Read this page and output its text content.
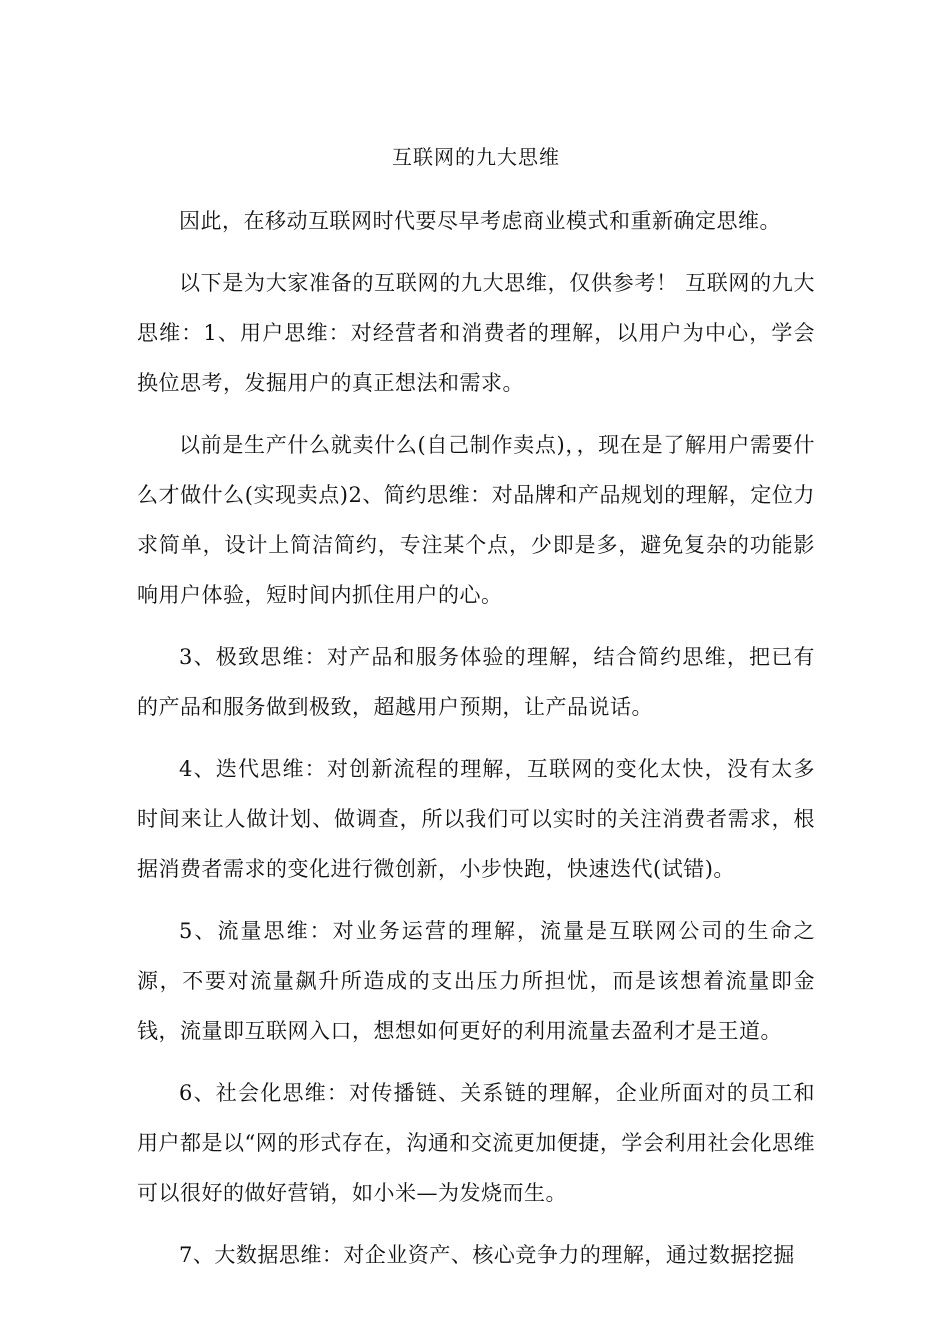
互联网的九大思维

因此，在移动互联网时代要尽早考虑商业模式和重新确定思维。

以下是为大家准备的互联网的九大思维，仅供参考！ 互联网的九大思维：1、用户思维：对经营者和消费者的理解，以用户为中心，学会换位思考，发掘用户的真正想法和需求。

以前是生产什么就卖什么(自己制作卖点)，，现在是了解用户需要什么才做什么(实现卖点)2、简约思维：对品牌和产品规划的理解，定位力求简单，设计上简洁简约，专注某个点，少即是多，避免复杂的功能影响用户体验，短时间内抓住用户的心。

3、极致思维：对产品和服务体验的理解，结合简约思维，把已有的产品和服务做到极致，超越用户预期，让产品说话。

4、迭代思维：对创新流程的理解，互联网的变化太快，没有太多时间来让人做计划、做调查，所以我们可以实时的关注消费者需求，根据消费者需求的变化进行微创新，小步快跑，快速迭代(试错)。

5、流量思维：对业务运营的理解，流量是互联网公司的生命之源，不要对流量飙升所造成的支出压力所担忧，而是该想着流量即金钱，流量即互联网入口，想想如何更好的利用流量去盈利才是王道。

6、社会化思维：对传播链、关系链的理解，企业所面对的员工和用户都是以“网的形式存在，沟通和交流更加便捷，学会利用社会化思维可以很好的做好营销，如小米—为发烧而生。

7、大数据思维：对企业资产、核心竞争力的理解，通过数据挖掘
